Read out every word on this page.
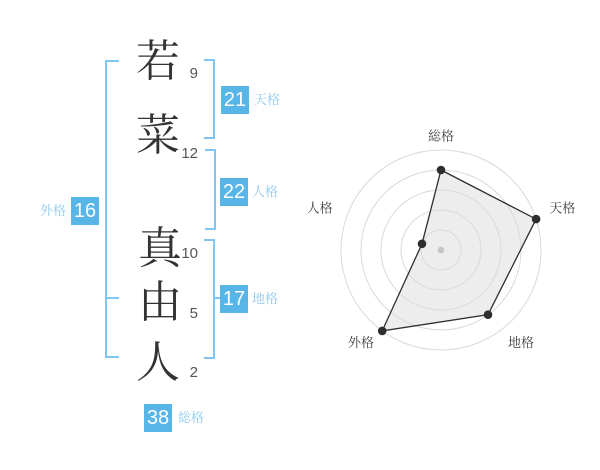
若
菜
真
由
人
9
12
10
5
2
21 天格
22 人格
17 地格
外格 16
38 総格
総格
天格
地格
外格
人格
